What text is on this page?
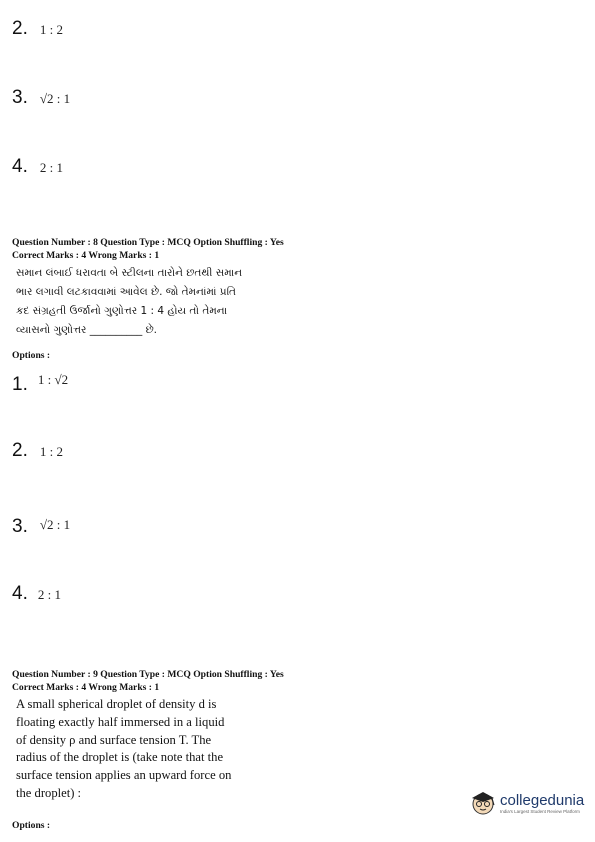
2. 1 : 2
3. √2 : 1
4. 2 : 1
Question Number : 8 Question Type : MCQ Option Shuffling : Yes
Correct Marks : 4 Wrong Marks : 1
સમાન લંબાઈ ધરાવતા બે સ્ટીલના તારોને છતથી સમાન
ભાર લગાવી લટકાવવામાં આવેલ છે. જો તેમનાંમાં પ્રતિ
કદ સંગ્રહતી ઉર્જાનો ગુણોત્તર 1 : 4 હોય તો તેમના
વ્યાસનો ગુણોત્તર __________ છે.
Options :
1. 1 : √2
2. 1 : 2
3. √2 : 1
4. 2 : 1
Question Number : 9 Question Type : MCQ Option Shuffling : Yes
Correct Marks : 4 Wrong Marks : 1
A small spherical droplet of density d is
floating exactly half immersed in a liquid
of density ρ and surface tension T. The
radius of the droplet is (take note that the
surface tension applies an upward force on
the droplet) :
Options :
collegedunia
India's Largest Student Review Platform
